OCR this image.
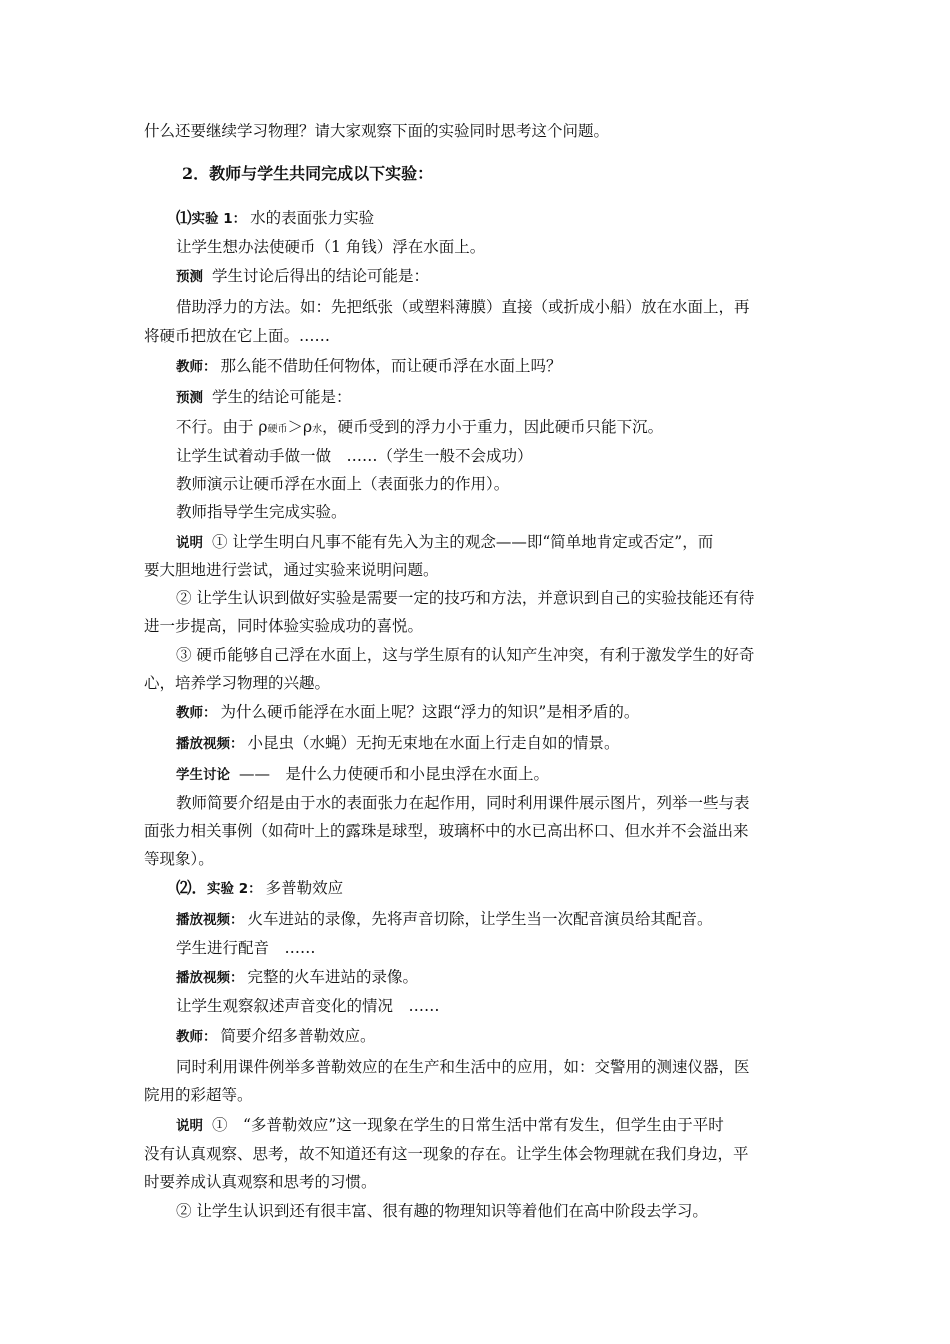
什么还要继续学习物理？请大家观察下面的实验同时思考这个问题。
2．教师与学生共同完成以下实验：
⑴实验 1： 水的表面张力实验
让学生想办法使硬币（1 角钱）浮在水面上。
预测 学生讨论后得出的结论可能是：
借助浮力的方法。如：先把纸张（或塑料薄膜）直接（或折成小船）放在水面上，再
将硬币把放在它上面。……
教师： 那么能不借助任何物体，而让硬币浮在水面上吗？
预测 学生的结论可能是：
不行。由于 ρ硬币＞ρ水，硬币受到的浮力小于重力，因此硬币只能下沉。
让学生试着动手做一做　……（学生一般不会成功）
教师演示让硬币浮在水面上（表面张力的作用）。
教师指导学生完成实验。
说明 ① 让学生明白凡事不能有先入为主的观念——即“简单地肯定或否定”，而
要大胆地进行尝试，通过实验来说明问题。
② 让学生认识到做好实验是需要一定的技巧和方法，并意识到自己的实验技能还有待
进一步提高，同时体验实验成功的喜悦。
③ 硬币能够自己浮在水面上，这与学生原有的认知产生冲突，有利于激发学生的好奇
心，培养学习物理的兴趣。
教师： 为什么硬币能浮在水面上呢？这跟“浮力的知识”是相矛盾的。
播放视频： 小昆虫（水蝇）无拘无束地在水面上行走自如的情景。
学生讨论 ——　是什么力使硬币和小昆虫浮在水面上。
教师简要介绍是由于水的表面张力在起作用，同时利用课件展示图片，列举一些与表
面张力相关事例（如荷叶上的露珠是球型，玻璃杯中的水已高出杯口、但水并不会溢出来
等现象）。
⑵．实验 2： 多普勒效应
播放视频： 火车进站的录像，先将声音切除，让学生当一次配音演员给其配音。
学生进行配音　……
播放视频： 完整的火车进站的录像。
让学生观察叙述声音变化的情况　……
教师： 简要介绍多普勒效应。
同时利用课件例举多普勒效应的在生产和生活中的应用，如：交警用的测速仪器，医
院用的彩超等。
说明 ①　“多普勒效应”这一现象在学生的日常生活中常有发生，但学生由于平时
没有认真观察、思考，故不知道还有这一现象的存在。让学生体会物理就在我们身边，平
时要养成认真观察和思考的习惯。
② 让学生认识到还有很丰富、很有趣的物理知识等着他们在高中阶段去学习。
